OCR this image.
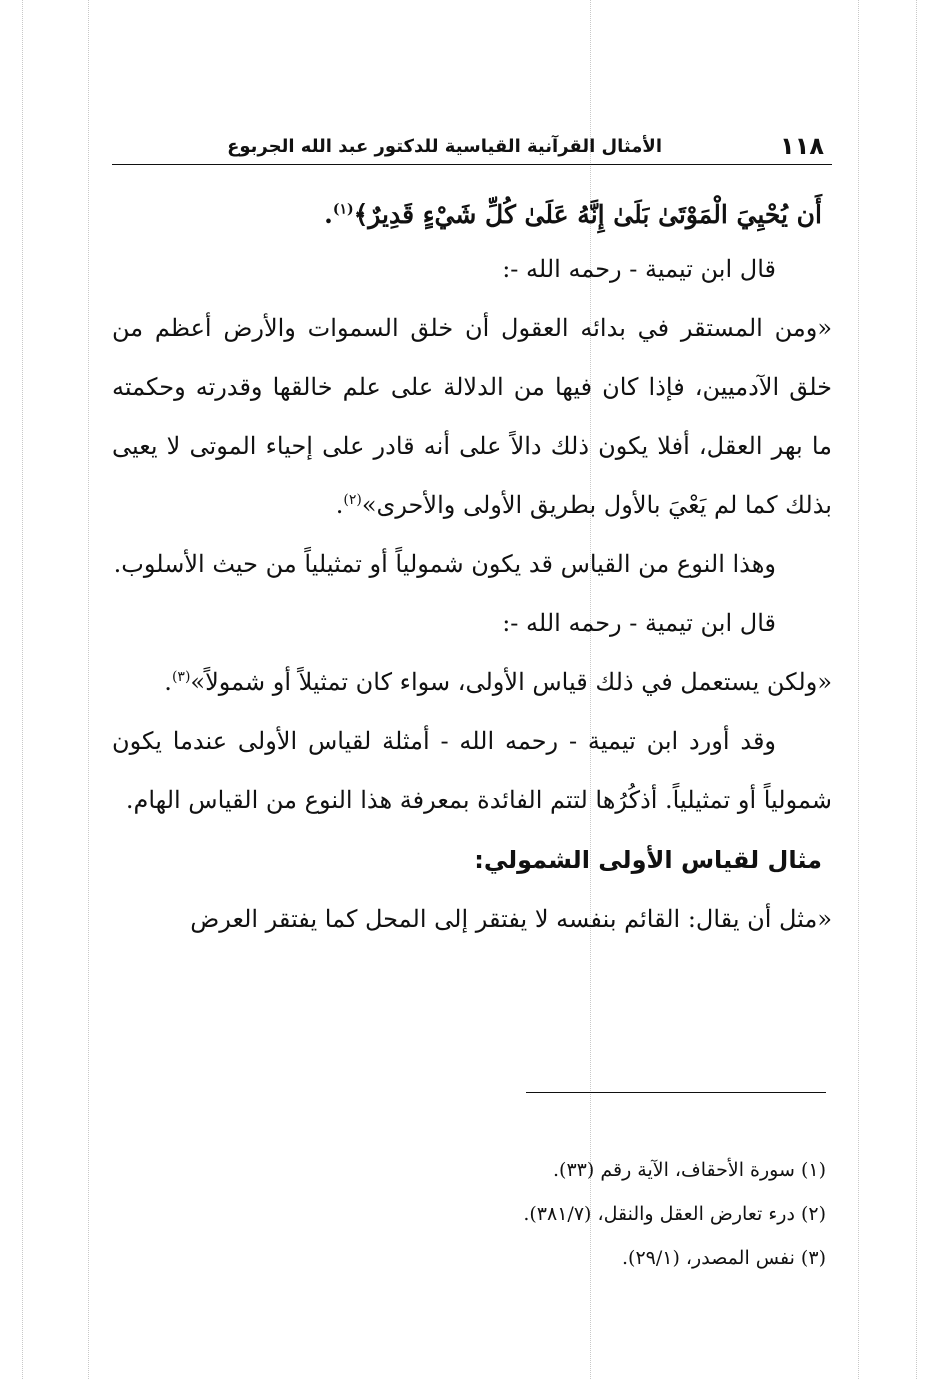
١١٨
الأمثال القرآنية القياسية للدكتور عبد الله الجربوع
أَن يُحْيِيَ الْمَوْتَىٰ بَلَىٰ إِنَّهُ عَلَىٰ كُلِّ شَيْءٍ قَدِيرٌ﴾$^{(١)}$.

قال ابن تيمية - رحمه الله -:

«ومن المستقر في بدائه العقول أن خلق السموات والأرض أعظم من خلق الآدميين، فإذا كان فيها من الدلالة على علم خالقها وقدرته وحكمته ما بهر العقل، أفلا يكون ذلك دالاً على أنه قادر على إحياء الموتى لا يعيى بذلك كما لم يَعْيَ بالأول بطريق الأولى والأحرى»$^{(٢)}$.

وهذا النوع من القياس قد يكون شمولياً أو تمثيلياً من حيث الأسلوب.

قال ابن تيمية - رحمه الله -:

«ولكن يستعمل في ذلك قياس الأولى، سواء كان تمثيلاً أو شمولاً»$^{(٣)}$.

وقد أورد ابن تيمية - رحمه الله - أمثلة لقياس الأولى عندما يكون شمولياً أو تمثيلياً. أذكُرُها لتتم الفائدة بمعرفة هذا النوع من القياس الهام.

مثال لقياس الأولى الشمولي:

«مثل أن يقال: القائم بنفسه لا يفتقر إلى المحل كما يفتقر العرض

(١) سورة الأحقاف، الآية رقم (٣٣).

(٢) درء تعارض العقل والنقل، (٣٨١/٧).

(٣) نفس المصدر، (٢٩/١).
